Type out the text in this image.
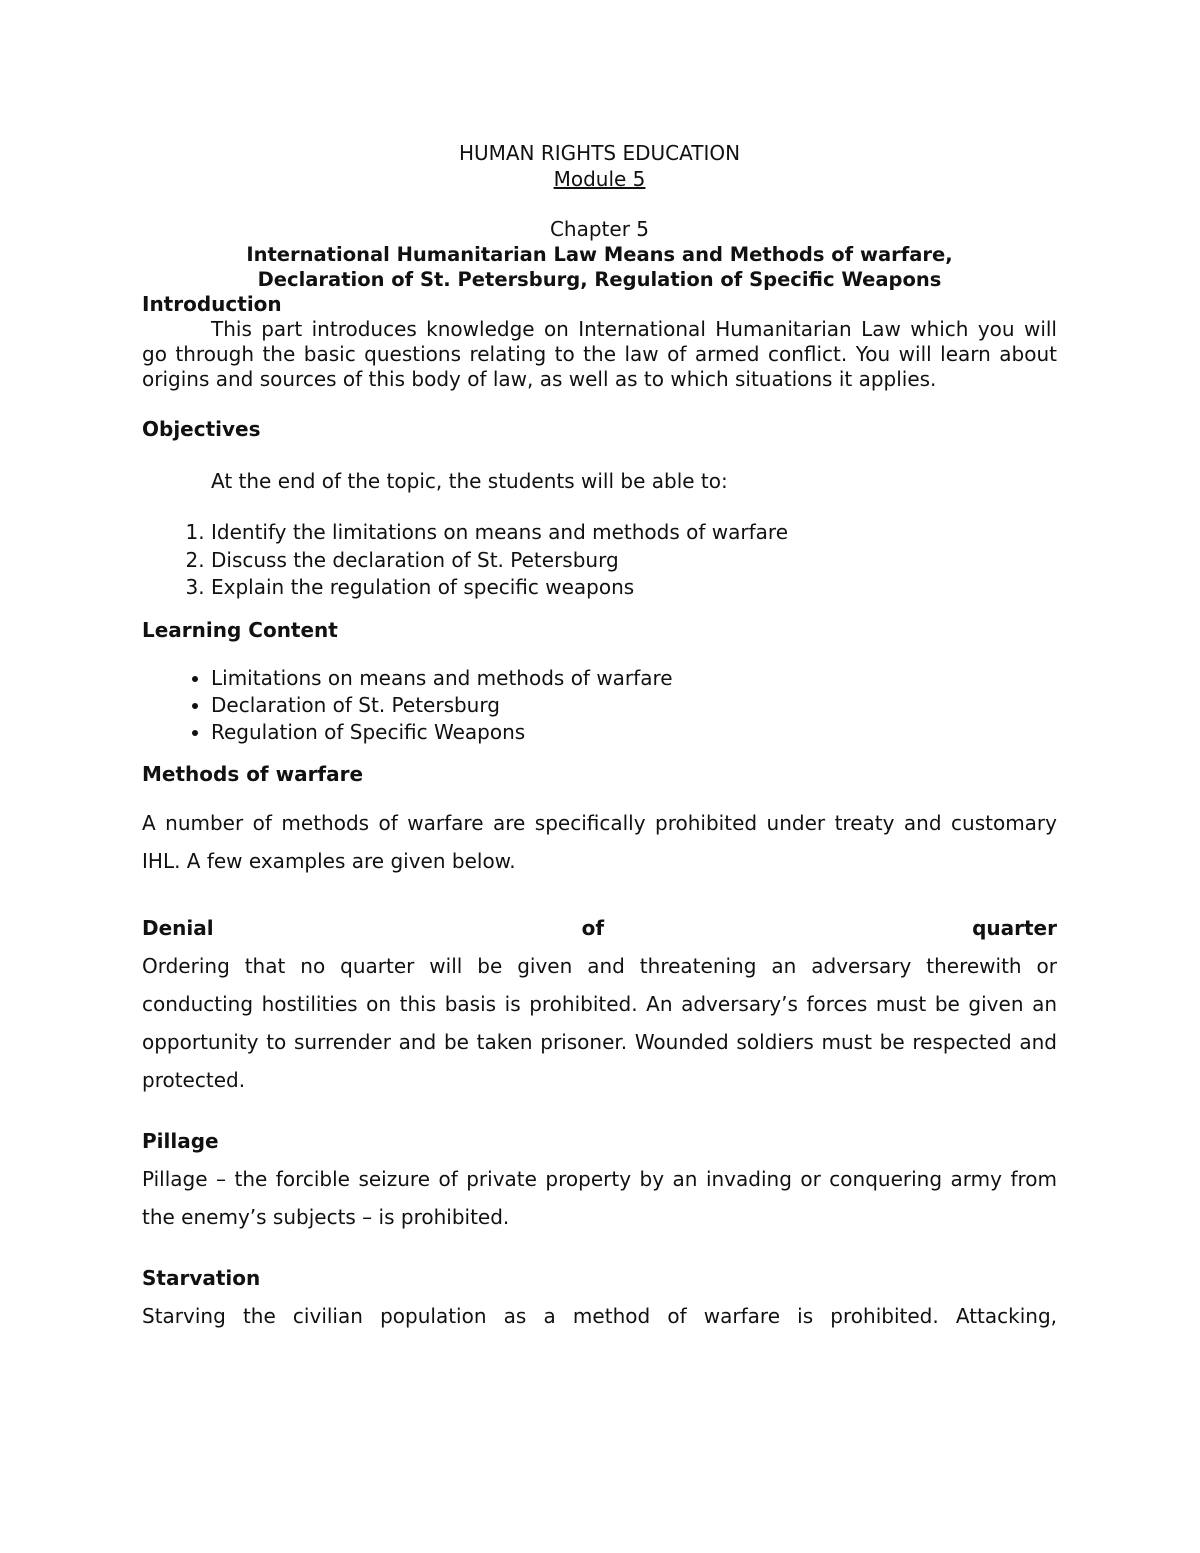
HUMAN RIGHTS EDUCATION
Module 5
Chapter 5
International Humanitarian Law Means and Methods of warfare,
Declaration of St. Petersburg, Regulation of Specific Weapons
Introduction

This part introduces knowledge on International Humanitarian Law which you will go through the basic questions relating to the law of armed conflict. You will learn about origins and sources of this body of law, as well as to which situations it applies.

Objectives
At the end of the topic, the students will be able to:
1. Identify the limitations on means and methods of warfare
2. Discuss the declaration of St. Petersburg
3. Explain the regulation of specific weapons
Learning Content
• Limitations on means and methods of warfare
• Declaration of St. Petersburg
• Regulation of Specific Weapons
Methods of warfare

A number of methods of warfare are specifically prohibited under treaty and customary IHL. A few examples are given below.

Denial	of	quarter

Ordering that no quarter will be given and threatening an adversary therewith or conducting hostilities on this basis is prohibited. An adversary’s forces must be given an opportunity to surrender and be taken prisoner. Wounded soldiers must be respected and protected.

Pillage

Pillage – the forcible seizure of private property by an invading or conquering army from the enemy’s subjects – is prohibited.

Starvation

Starving the civilian population as a method of warfare is prohibited. Attacking,
